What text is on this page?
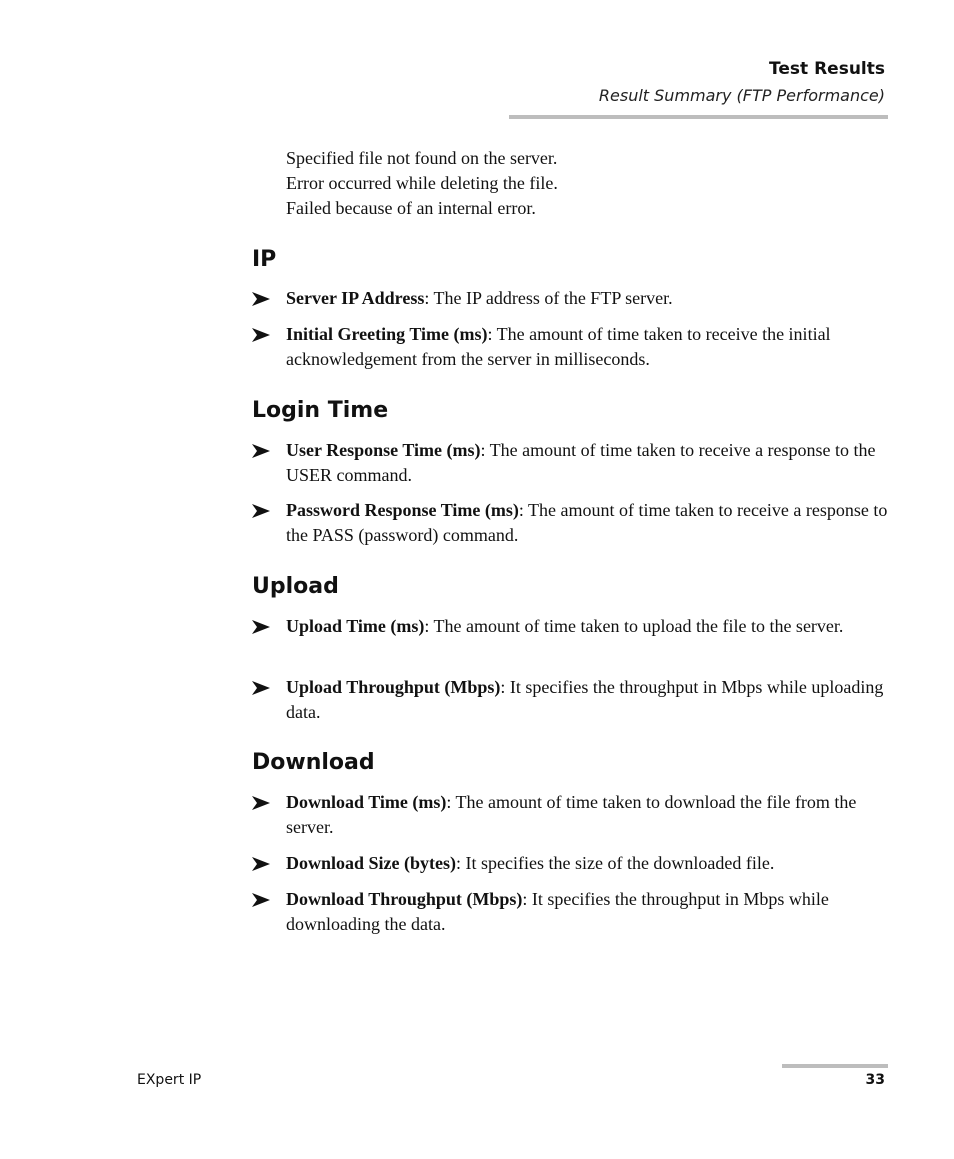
Test Results
Result Summary (FTP Performance)
Specified file not found on the server.
Error occurred while deleting the file.
Failed because of an internal error.
IP
Server IP Address: The IP address of the FTP server.
Initial Greeting Time (ms): The amount of time taken to receive the initial acknowledgement from the server in milliseconds.
Login Time
User Response Time (ms): The amount of time taken to receive a response to the USER command.
Password Response Time (ms): The amount of time taken to receive a response to the PASS (password) command.
Upload
Upload Time (ms): The amount of time taken to upload the file to the server.
Upload Throughput (Mbps): It specifies the throughput in Mbps while uploading data.
Download
Download Time (ms): The amount of time taken to download the file from the server.
Download Size (bytes): It specifies the size of the downloaded file.
Download Throughput (Mbps): It specifies the throughput in Mbps while downloading the data.
EXpert IP	33
